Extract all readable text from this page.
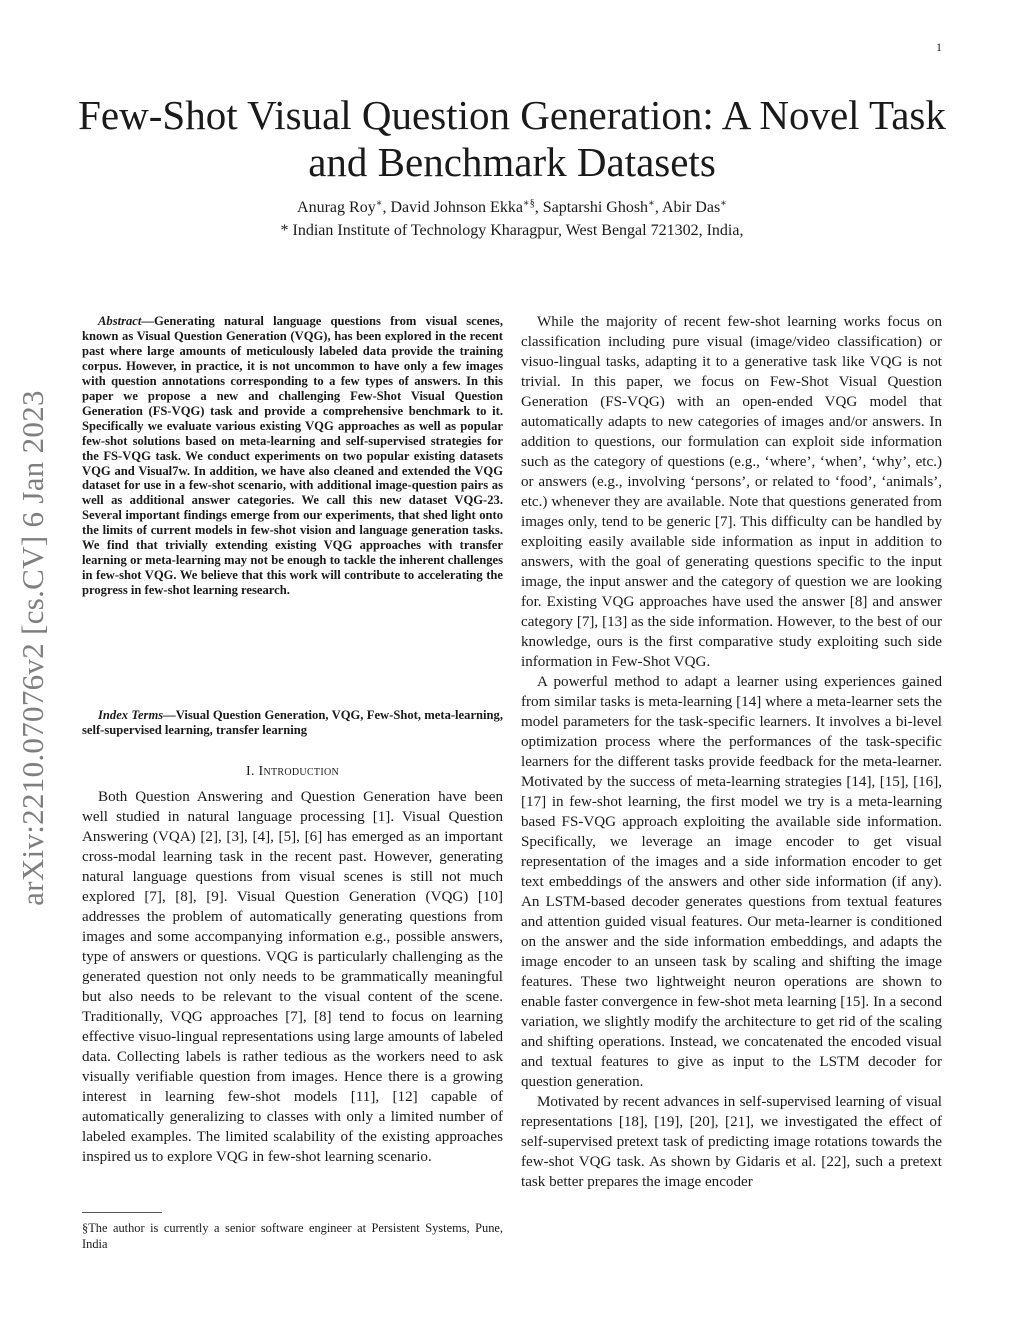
1
arXiv:2210.07076v2 [cs.CV] 6 Jan 2023
Few-Shot Visual Question Generation: A Novel Task and Benchmark Datasets
Anurag Roy∗, David Johnson Ekka∗§, Saptarshi Ghosh∗, Abir Das∗
* Indian Institute of Technology Kharagpur, West Bengal 721302, India,
Abstract—Generating natural language questions from visual scenes, known as Visual Question Generation (VQG), has been explored in the recent past where large amounts of meticulously labeled data provide the training corpus. However, in practice, it is not uncommon to have only a few images with question annotations corresponding to a few types of answers. In this paper we propose a new and challenging Few-Shot Visual Question Generation (FS-VQG) task and provide a comprehensive benchmark to it. Specifically we evaluate various existing VQG approaches as well as popular few-shot solutions based on meta-learning and self-supervised strategies for the FS-VQG task. We conduct experiments on two popular existing datasets VQG and Visual7w. In addition, we have also cleaned and extended the VQG dataset for use in a few-shot scenario, with additional image-question pairs as well as additional answer categories. We call this new dataset VQG-23. Several important findings emerge from our experiments, that shed light onto the limits of current models in few-shot vision and language generation tasks. We find that trivially extending existing VQG approaches with transfer learning or meta-learning may not be enough to tackle the inherent challenges in few-shot VQG. We believe that this work will contribute to accelerating the progress in few-shot learning research.
Index Terms—Visual Question Generation, VQG, Few-Shot, meta-learning, self-supervised learning, transfer learning
I. Introduction

Both Question Answering and Question Generation have been well studied in natural language processing [1]. Visual Question Answering (VQA) [2], [3], [4], [5], [6] has emerged as an important cross-modal learning task in the recent past. However, generating natural language questions from visual scenes is still not much explored [7], [8], [9]. Visual Question Generation (VQG) [10] addresses the problem of automatically generating questions from images and some accompanying information e.g., possible answers, type of answers or questions. VQG is particularly challenging as the generated question not only needs to be grammatically meaningful but also needs to be relevant to the visual content of the scene. Traditionally, VQG approaches [7], [8] tend to focus on learning effective visuo-lingual representations using large amounts of labeled data. Collecting labels is rather tedious as the workers need to ask visually verifiable question from images. Hence there is a growing interest in learning few-shot models [11], [12] capable of automatically generalizing to classes with only a limited number of labeled examples. The limited scalability of the existing approaches inspired us to explore VQG in few-shot learning scenario.

§The author is currently a senior software engineer at Persistent Systems, Pune, India

While the majority of recent few-shot learning works focus on classification including pure visual (image/video classification) or visuo-lingual tasks, adapting it to a generative task like VQG is not trivial. In this paper, we focus on Few-Shot Visual Question Generation (FS-VQG) with an open-ended VQG model that automatically adapts to new categories of images and/or answers. In addition to questions, our formulation can exploit side information such as the category of questions (e.g., ‘where’, ‘when’, ‘why’, etc.) or answers (e.g., involving ‘persons’, or related to ‘food’, ‘animals’, etc.) whenever they are available. Note that questions generated from images only, tend to be generic [7]. This difficulty can be handled by exploiting easily available side information as input in addition to answers, with the goal of generating questions specific to the input image, the input answer and the category of question we are looking for. Existing VQG approaches have used the answer [8] and answer category [7], [13] as the side information. However, to the best of our knowledge, ours is the first comparative study exploiting such side information in Few-Shot VQG.

A powerful method to adapt a learner using experiences gained from similar tasks is meta-learning [14] where a meta-learner sets the model parameters for the task-specific learners. It involves a bi-level optimization process where the performances of the task-specific learners for the different tasks provide feedback for the meta-learner. Motivated by the success of meta-learning strategies [14], [15], [16], [17] in few-shot learning, the first model we try is a meta-learning based FS-VQG approach exploiting the available side information. Specifically, we leverage an image encoder to get visual representation of the images and a side information encoder to get text embeddings of the answers and other side information (if any). An LSTM-based decoder generates questions from textual features and attention guided visual features. Our meta-learner is conditioned on the answer and the side information embeddings, and adapts the image encoder to an unseen task by scaling and shifting the image features. These two lightweight neuron operations are shown to enable faster convergence in few-shot meta learning [15]. In a second variation, we slightly modify the architecture to get rid of the scaling and shifting operations. Instead, we concatenated the encoded visual and textual features to give as input to the LSTM decoder for question generation.

Motivated by recent advances in self-supervised learning of visual representations [18], [19], [20], [21], we investigated the effect of self-supervised pretext task of predicting image rotations towards the few-shot VQG task. As shown by Gidaris et al. [22], such a pretext task better prepares the image encoder
